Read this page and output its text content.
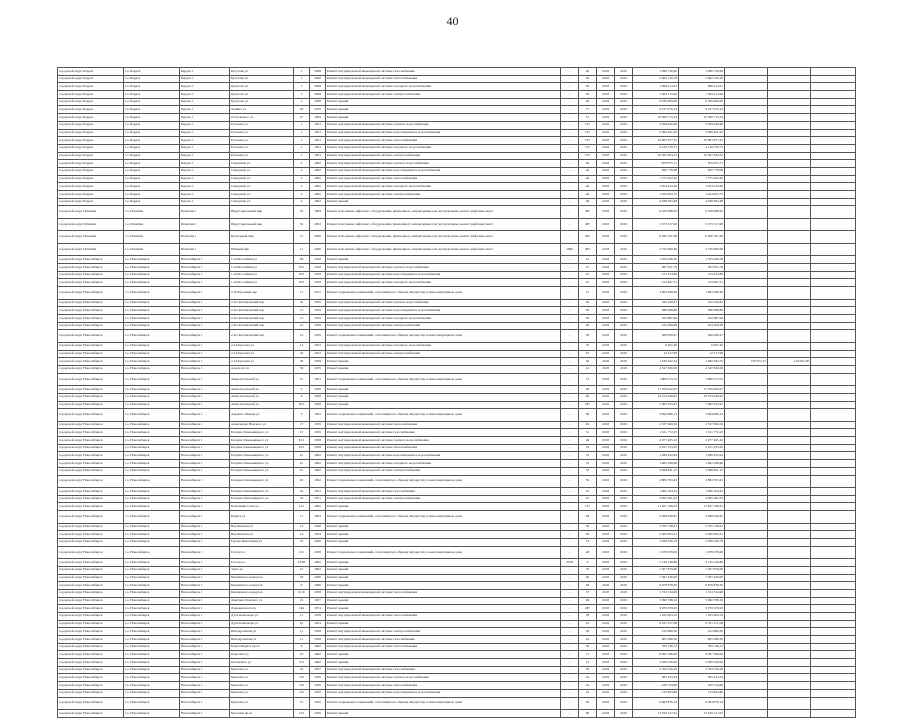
40
городской округ Бердск	г.о. Бердск	Бердск г	Кутузова ул	1	1968	Ремонт внутридомовой инженерной системы газоснабжения	-	40	2018	2019	1 098 730,00	1 098 740,00			
городской округ Бердск	г.о. Бердск	Бердск г	Кутузова ул	1	1968	Ремонт внутридомовой инженерной системы теплоснабжения	-	40	2018	2019	2 662 159,16	2 662 159,16			
городской округ Бердск	г.о. Бердск	Бердск г	Кутузова ул	1	1968	Ремонт внутридомовой инженерной системы холодного водоснабжения	-	40	2018	2019	1 698 214,91	698 214,91			
городской округ Бердск	г.о. Бердск	Бердск г	Кутузова ул	1	1968	Ремонт внутридомовой инженерной системы электроснабжения	-	40	2018	2019	1 384 213,90	1 384 213,90			
городской округ Бердск	г.о. Бердск	Бердск г	Кутузова ул	1	1968	Ремонт крыши	-	40	2018	2019	6 039 669,00	6 039 669,00			
городской округ Бердск	г.о. Бердск	Бердск г	Ленина ул	18	1978	Ремонт крыши	-	77	2018	2019	9 237 976,14	9 237 976,14			
городской округ Бердск	г.о. Бердск	Бердск г	Островского ул	57	1994	Ремонт крыши	-	51	2018	2019	10 360 715,34	10 360 715,34			
городской округ Бердск	г.о. Бердск	Бердск г	Рогачева ул	1	1991	Ремонт внутридомовой инженерной системы горячего водоснабжения	-	107	2018	2019	2 058 640,66	2 058 640,66			
городской округ Бердск	г.о. Бердск	Бердск г	Рогачева ул	1	1991	Ремонт внутридомовой инженерной системы водоотведения и водоснабжения	-	107	2018	2019	5 690 631,95	5 690 631,95			
городской округ Бердск	г.о. Бердск	Бердск г	Рогачева ул	1	1991	Ремонт внутридомовой инженерной системы теплоснабжения	-	107	2018	2019	10 605 877,25	10 605 877,25			
городской округ Бердск	г.о. Бердск	Бердск г	Рогачева ул	1	1991	Ремонт внутридомовой инженерной системы холодного водоснабжения	-	107	2018	2019	4 129 379,75	4 129 379,75			
городской округ Бердск	г.о. Бердск	Бердск г	Рогачева ул	1	1991	Ремонт внутридомовой инженерной системы электроснабжения	-	107	2018	2019	10 597 624,12	10 597 624,12			
городской округ Бердск	г.о. Бердск	Бердск г	Свердлова ул	2	1962	Ремонт внутридомовой инженерной системы горячего водоснабжения	-	46	2018	2019	876 975,71	876 975,71			
городской округ Бердск	г.о. Бердск	Бердск г	Свердлова ул	2	1962	Ремонт внутридомовой инженерной системы водоотведения и водоснабжения	-	46	2018	2019	845 778,98	845 778,98			
городской округ Бердск	г.о. Бердск	Бердск г	Свердлова ул	2	1962	Ремонт внутридомовой инженерной системы теплоснабжения	-	46	2018	2019	1 775 632,20	1 775 632,20			
городской округ Бердск	г.о. Бердск	Бердск г	Свердлова ул	2	1962	Ремонт внутридомовой инженерной системы холодного водоснабжения	-	46	2018	2019	1 054 223,26	1 054 223,26			
городской округ Бердск	г.о. Бердск	Бердск г	Свердлова ул	2	1962	Ремонт внутридомовой инженерной системы электроснабжения	-	46	2018	2019	1 024 093,75	1 024 093,75			
городской округ Бердск	г.о. Бердск	Бердск г	Свердлова ул	2	1962	Ремонт крыши	-	46	2018	2019	4 048 363,48	4 048 363,48			
городской округ Искитим	г.о. Искитим	Искитим г	Индустриальный мкр	76	1983	Ремонт или замена лифтового оборудования, признанного непригодным для эксплуатации, ремонт лифтовых шахт	-	487	2018	2019	6 326 088,20	6 326 088,20			
городской округ Искитим	г.о. Искитим	Искитим г	Индустриальный мкр	32	1993	Ремонт или замена лифтового оборудования, признанного непригодным для эксплуатации, ремонт лифтовых шахт	-	487	2018	2019	5 373 317,28	5 373 317,28			
городской округ Искитим	г.о. Искитим	Искитим г	Подгорный мкр	31	1990	Ремонт или замена лифтового оборудования, признанного непригодным для эксплуатации, ремонт лифтовых шахт	-	487	2018	2019	6 260 791,96	6 260 791,96			
городской округ Искитим	г.о. Искитим	Искитим г	Южный мкр	11	1990	Ремонт или замена лифтового оборудования, признанного непригодным для эксплуатации, ремонт лифтовых шахт	1990	487	2018	2019	3 750 609,60	3 750 609,60			
городской округ Новосибирск	г.о. Новосибирск	Новосибирск г	1-я Шоссейная ул	28	1918	Ремонт крыши	-	41	2018	2019	1 705 946,56	1 705 946,56			
городской округ Новосибирск	г.о. Новосибирск	Новосибирск г	1-я Шоссейная ул	33/1	1918	Ремонт внутридомовой инженерной системы горячего водоснабжения	-	47	2018	2019	387 051,79	387 051,79			
городской округ Новосибирск	г.о. Новосибирск	Новосибирск г	1-я Шоссейная ул	33/1	1918	Ремонт внутридомовой инженерной системы водоотведения и водоснабжения	-	47	2018	2019	213 474,89	213 474,89			
городской округ Новосибирск	г.о. Новосибирск	Новосибирск г	1-я Шоссейная ул	33/1	1918	Ремонт внутридомовой инженерной системы холодного водоснабжения	-	47	2018	2019	213 467,51	213 467,51			
городской округ Новосибирск	г.о. Новосибирск	Новосибирск г	2-й Портовый пер	11	1917	Ремонт подвальных помещений, относящихся к общему имуществу в многоквартирном доме	-	31	2018	2019	1 663 298,49	1 663 298,49			
городской округ Новосибирск	г.о. Новосибирск	Новосибирск г	2-й Светлановский пер	32	1959	Ремонт внутридомовой инженерной системы горячего водоснабжения	-	40	2018	2019	343 100,81	343 100,81			
городской округ Новосибирск	г.о. Новосибирск	Новосибирск г	2-й Светлановский пер	12	1959	Ремонт внутридомовой инженерной системы водоотведения и водоснабжения	-	40	2018	2019	286 098,86	286 098,86			
городской округ Новосибирск	г.о. Новосибирск	Новосибирск г	2-й Светлановский пер	12	1959	Ремонт внутридомовой инженерной системы холодного водоснабжения	-	40	2018	2019	162 687,96	162 687,96			
городской округ Новосибирск	г.о. Новосибирск	Новосибирск г	2-й Светлановский пер	12	1959	Ремонт внутридомовой инженерной системы электроснабжения	-	40	2018	2019	224 309,69	224 309,69			
городской округ Новосибирск	г.о. Новосибирск	Новосибирск г	2-й Светлановский пер	12	1959	Ремонт подвальных помещений, относящихся к общему имуществу в многоквартирном доме	-	50	2018	2019	360 658,47	360 658,47			
городской округ Новосибирск	г.о. Новосибирск	Новосибирск г	2-я Портовая ул	14	1952	Ремонт внутридомовой инженерной системы холодного водоснабжения	-	70	2018	2019	9 467,46	9 467,46			
городской округ Новосибирск	г.о. Новосибирск	Новосибирск г	2-я Портовая ул	34	1952	Ремонт внутридомовой инженерной системы электроснабжения	-	67	2018	2019	12 217,99	12 217,99			
городской округ Новосибирск	г.о. Новосибирск	Новосибирск г	2-я Портовая ул	36	1959	Ремонт крыши	-	50	2018	2019	1 230 342,54	1 960 592,55	730 972,72	110 021,00	
городской округ Новосибирск	г.о. Новосибирск	Новосибирск г	Аэропорт ул	39	1955	Ремонт крыши	-	21	2018	2019	4 547 630,00	4 547 630,00			
городской округ Новосибирск	г.о. Новосибирск	Новосибирск г	Авиастроителей ул	15	1961	Ремонт подвальных помещений, относящихся к общему имуществу в многоквартирном доме	-	73	2018	2019	1 806 273,74	1 806 273,74			
городской округ Новосибирск	г.о. Новосибирск	Новосибирск г	Авиастроителей ул	5	1938	Ремонт крыши	-	48	2018	2019	11 709 942,07	11 709 942,07			
городской округ Новосибирск	г.о. Новосибирск	Новосибирск г	Авиастроителей ул	6	1938	Ремонт крыши	-	60	2018	2019	19 253 946,95	19 253 946,95			
городской округ Новосибирск	г.о. Новосибирск	Новосибирск г	Авиастроителей ул	39/1	1938	Ремонт крыши	-	287	2018	2019	7 962 033,47	7 962 033,47			
городской округ Новосибирск	г.о. Новосибирск	Новосибирск г	Адриена Лежена ул	3	1961	Ремонт подвальных помещений, относящихся к общему имуществу в многоквартирном доме	-	90	2018	2019	3 694 086,13	3 694 086,13			
городской округ Новосибирск	г.о. Новосибирск	Новосибирск г	Александра Невского ул	17	1959	Ремонт внутридомовой инженерной системы теплоснабжения	-	40	2018	2019	2 337 606,56	2 337 606,56			
городской округ Новосибирск	г.о. Новосибирск	Новосибирск г	Богдана Хмельницкого ул	15	1959	Ремонт внутридомовой инженерной системы газоснабжения	-	51	2018	2019	1 611 772,23	1 611 772,23			
городской округ Новосибирск	г.о. Новосибирск	Новосибирск г	Богдана Хмельницкого ул	33/1	1958	Ремонт внутридомовой инженерной системы горячего водоснабжения	-	40	2018	2019	2 977 465,10	2 977 465,10			
городской округ Новосибирск	г.о. Новосибирск	Новосибирск г	Богдана Хмельницкого ул	33/1	1958	Ремонт внутридомовой инженерной системы теплоснабжения	-	53	2018	2019	2 031 553,65	2 031 553,65			
городской округ Новосибирск	г.о. Новосибирск	Новосибирск г	Богдана Хмельницкого ул	41	1962	Ремонт внутридомовой инженерной системы водоотведения и водоснабжения	-	53	2018	2019	1 289 452,94	1 289 452,94			
городской округ Новосибирск	г.о. Новосибирск	Новосибирск г	Богдана Хмельницкого ул	41	1962	Ремонт внутридомовой инженерной системы холодного водоснабжения	-	53	2018	2019	1 662 298,66	1 662 298,66			
городской округ Новосибирск	г.о. Новосибирск	Новосибирск г	Богдана Хмельницкого ул	41	1962	Ремонт внутридомовой инженерной системы электроснабжения	-	53	2018	2019	3 068 841,15	3 068 841,15			
городской округ Новосибирск	г.о. Новосибирск	Новосибирск г	Богдана Хмельницкого ул	43	1962	Ремонт подвальных помещений, относящихся к общему имуществу в многоквартирном доме	-	50	2018	2019	2 884 763,43	2 884 763,43			
городской округ Новосибирск	г.о. Новосибирск	Новосибирск г	Богдана Хмельницкого ул	54	1951	Ремонт внутридомовой инженерной системы газоснабжения	-	25	2018	2019	1 006 164,43	1 006 164,43			
городской округ Новосибирск	г.о. Новосибирск	Новосибирск г	Богдана Хмельницкого ул	54	1951	Ремонт внутридомовой инженерной системы электроснабжения	-	25	2018	2019	3 065 561,03	3 065 561,03			
городской округ Новосибирск	г.о. Новосибирск	Новосибирск г	Большевистская ул	121	1962	Ремонт крыши	-	137	2018	2019	11 927 198,23	11 927 198,23			
городской округ Новосибирск	г.о. Новосибирск	Новосибирск г	Бориса ул	11	1963	Ремонт подвальных помещений, относящихся к общему имуществу в многоквартирном доме	-	48	2018	2019	2 289 926,81	2 289 926,81			
городской округ Новосибирск	г.о. Новосибирск	Новосибирск г	Вертковская ул	13	1948	Ремонт крыши	-	50	2018	2019	2 795 748,61	2 795 748,61			
городской округ Новосибирск	г.о. Новосибирск	Новосибирск г	Вертковская ул	14	1954	Ремонт крыши	-	40	2018	2019	4 300 693,31	4 300 693,31			
городской округ Новосибирск	г.о. Новосибирск	Новосибирск г	Героев Революции ул	70	1946	Ремонт крыши	-	73	2018	2019	2 936 336,76	2 936 336,76			
городской округ Новосибирск	г.о. Новосибирск	Новосибирск г	Гоголя ул	191	1958	Ремонт подвальных помещений, относящихся к общему имуществу в многоквартирном доме	-	48	2018	2019	1 678 976,06	1 678 976,06			
городской округ Новосибирск	г.о. Новосибирск	Новосибирск г	Гоголя ул	23/65	1962	Ремонт крыши	2018	9	2018	2019	5 139 146,86	5 139 146,86			
городской округ Новосибирск	г.о. Новосибирск	Новосибирск г	Зорге ул	21	1962	Ремонт крыши	-	79	2018	2019	7 207 879,00	7 207 879,00			
городской округ Новосибирск	г.о. Новосибирск	Новосибирск г	Кирпичного переулок	18	1960	Ремонт крыши	-	40	2018	2019	7 497 436,00	7 497 436,00			
городской округ Новосибирск	г.о. Новосибирск	Новосибирск г	Кирпичного переулок	9	1960	Ремонт крыши	-	29	2018	2019	6 679 878,30	6 679 878,30			
городской округ Новосибирск	г.о. Новосибирск	Новосибирск г	Кирпичного переулок	9/19	1958	Ремонт внутридомовой инженерной системы теплоснабжения	-	57	2018	2019	1 724 744,99	1 724 744,99			
городской округ Новосибирск	г.о. Новосибирск	Новосибирск г	Дмитрия Донского ул	21	1957	Ремонт крыши	-	90	2018	2019	5 990 768,16	5 990 768,16			
городской округ Новосибирск	г.о. Новосибирск	Новосибирск г	Дзержинского пр	194	1974	Ремонт крыши	-	287	2018	2019	9 070 679,93	9 070 679,93			
городской округ Новосибирск	г.о. Новосибирск	Новосибирск г	Дуси Ковальчук ул	11	1958	Ремонт внутридомовой инженерной системы теплоснабжения	-	58	2018	2019	1 165 904,19	1 165 904,19			
городской округ Новосибирск	г.о. Новосибирск	Новосибирск г	Дуси Ковальчук ул	61	1954	Ремонт крыши	-	45	2018	2019	9 181 377,08	9 701 271,08			
городской округ Новосибирск	г.о. Новосибирск	Новосибирск г	Ипподромская ул	11	1958	Ремонт внутридомовой инженерной системы электроснабжения	-	50	2018	2019	412 866,30	412 866,30			
городской округ Новосибирск	г.о. Новосибирск	Новосибирск г	Ипподромская ул	11	1958	Ремонт внутридомовой инженерной системы газоснабжения	-	42	2018	2019	605 586,30	605 586,30			
городской округ Новосибирск	г.о. Новосибирск	Новосибирск г	Карла Маркса пр-кт	9	1962	Ремонт внутридомовой инженерной системы теплоснабжения	-	50	2018	2019	783 746,72	783 746,72			
городской округ Новосибирск	г.о. Новосибирск	Новосибирск г	Королева ул	23	1962	Ремонт крыши	-	71	2018	2019	8 097 596,00	8 097 596,00			
городской округ Новосибирск	г.о. Новосибирск	Новосибирск г	Котовского ул	5/5	1962	Ремонт крыши	-	12	2018	2019	3 039 320,00	3 039 320,00			
городской округ Новосибирск	г.о. Новосибирск	Новосибирск г	Крылова ул	54	1957	Ремонт внутридомовой инженерной системы газоснабжения	-	30	2018	2019	2 702 016,29	2 702 016,29			
городской округ Новосибирск	г.о. Новосибирск	Новосибирск г	Крылова ул	72а	1956	Ремонт внутридомовой инженерной системы горячего водоснабжения	-	34	2018	2019	383 434,34	383 434,34			
городской округ Новосибирск	г.о. Новосибирск	Новосибирск г	Крылова ул	72а	1956	Ремонт внутридомовой инженерной системы теплоснабжения	-	34	2018	2019	229 724,66	229 724,66			
городской округ Новосибирск	г.о. Новосибирск	Новосибирск г	Крылова ул	72а	1956	Ремонт внутридомовой инженерной системы водоотведения и водоснабжения	-	34	2018	2019	133 864,86	133 864,86			
городской округ Новосибирск	г.о. Новосибирск	Новосибирск г	Крылова ул	31	1959	Ремонт подвальных помещений, относящихся к общему имуществу в многоквартирном доме	-	40	2018	2019	6 094 878,14	6 094 878,14			
городской округ Новосибирск	г.о. Новосибирск	Новосибирск г	Красный пр-кт	161	1956	Ремонт крыши	-	60	2018	2019	15 619 127,61	15 619 127,61			
